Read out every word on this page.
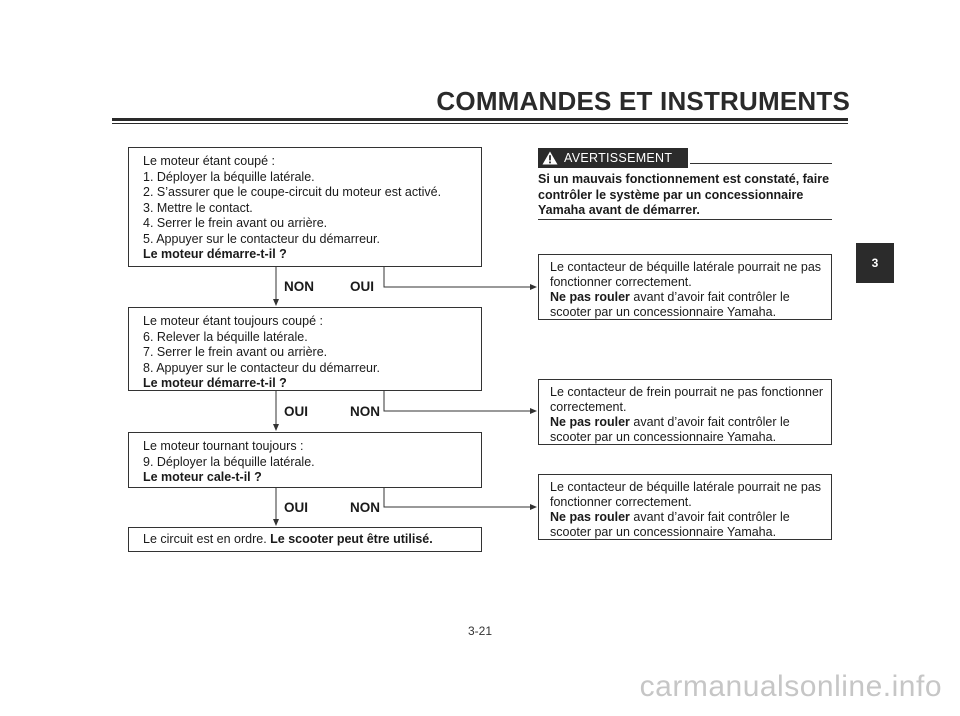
COMMANDES ET INSTRUMENTS
3
Le moteur étant coupé :
1. Déployer la béquille latérale.
2. S’assurer que le coupe-circuit du moteur est activé.
3. Mettre le contact.
4. Serrer le frein avant ou arrière.
5. Appuyer sur le contacteur du démarreur.
Le moteur démarre-t-il ?
NON	OUI
Le moteur étant toujours coupé :
6. Relever la béquille latérale.
7. Serrer le frein avant ou arrière.
8. Appuyer sur le contacteur du démarreur.
Le moteur démarre-t-il ?
OUI	NON
Le moteur tournant toujours :
9. Déployer la béquille latérale.
Le moteur cale-t-il ?
OUI	NON
Le circuit est en ordre. Le scooter peut être utilisé.
AVERTISSEMENT
Si un mauvais fonctionnement est constaté, faire contrôler le système par un concessionnaire Yamaha avant de démarrer.
Le contacteur de béquille latérale pourrait ne pas
fonctionner correctement.
Ne pas rouler avant d’avoir fait contrôler le
scooter par un concessionnaire Yamaha.
Le contacteur de frein pourrait ne pas fonctionner
correctement.
Ne pas rouler avant d’avoir fait contrôler le
scooter par un concessionnaire Yamaha.
Le contacteur de béquille latérale pourrait ne pas
fonctionner correctement.
Ne pas rouler avant d’avoir fait contrôler le
scooter par un concessionnaire Yamaha.
3-21
carmanualsonline.info
